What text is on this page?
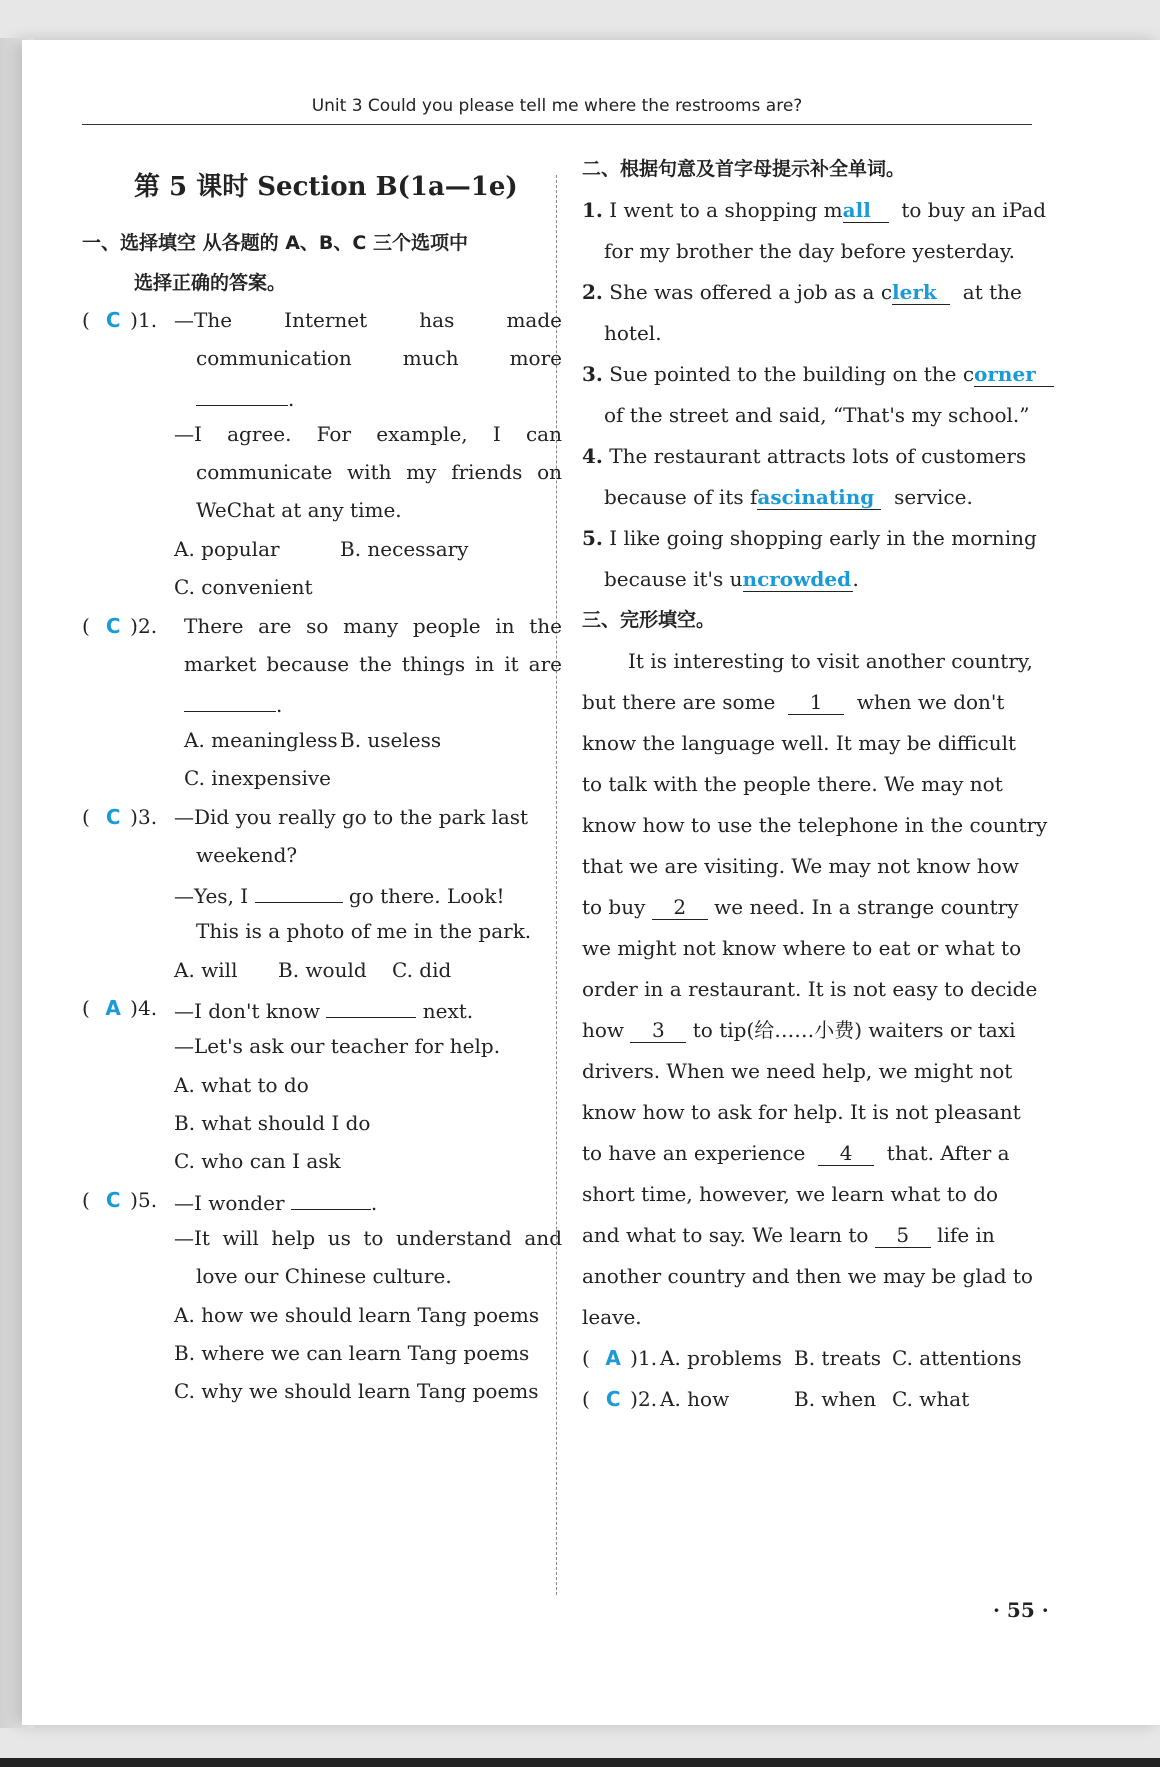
Unit 3 Could you please tell me where the restrooms are?
第 5 课时 Section B(1a—1e)
一、选择填空 从各题的 A、B、C 三个选项中
选择正确的答案。
( C )1. —The Internet has made
communication much more
.
—I agree. For example, I can
communicate with my friends on
WeChat at any time.
A. popular	B. necessary
C. convenient
( C )2. There are so many people in the
market because the things in it are
.
A. meaningless B. useless
C. inexpensive
( C )3. —Did you really go to the park last
weekend?
—Yes, I	go there. Look!
This is a photo of me in the park.
A. will B. would C. did
( A )4. —I don't know	next.
—Let's ask our teacher for help.
A. what to do
B. what should I do
C. who can I ask
( C )5. —I wonder	.
—It will help us to understand and
love our Chinese culture.
A. how we should learn Tang poems
B. where we can learn Tang poems
C. why we should learn Tang poems
二、根据句意及首字母提示补全单词。
1. I went to a shopping mall to buy an iPad
for my brother the day before yesterday.
2. She was offered a job as a clerk at the
hotel.
3. Sue pointed to the building on the corner
of the street and said, “That's my school.”
4. The restaurant attracts lots of customers
because of its fascinating service.
5. I like going shopping early in the morning
because it's uncrowded.
三、完形填空。
It is interesting to visit another country,
but there are some 1 when we don't
know the language well. It may be difficult
to talk with the people there. We may not
know how to use the telephone in the country
that we are visiting. We may not know how
to buy 2 we need. In a strange country
we might not know where to eat or what to
order in a restaurant. It is not easy to decide
how 3 to tip(给……小费) waiters or taxi
drivers. When we need help, we might not
know how to ask for help. It is not pleasant
to have an experience 4 that. After a
short time, however, we learn what to do
and what to say. We learn to 5 life in
another country and then we may be glad to
leave.
( A )1. A. problems B. treats C. attentions
( C )2. A. how	B. when C. what
· 55 ·
